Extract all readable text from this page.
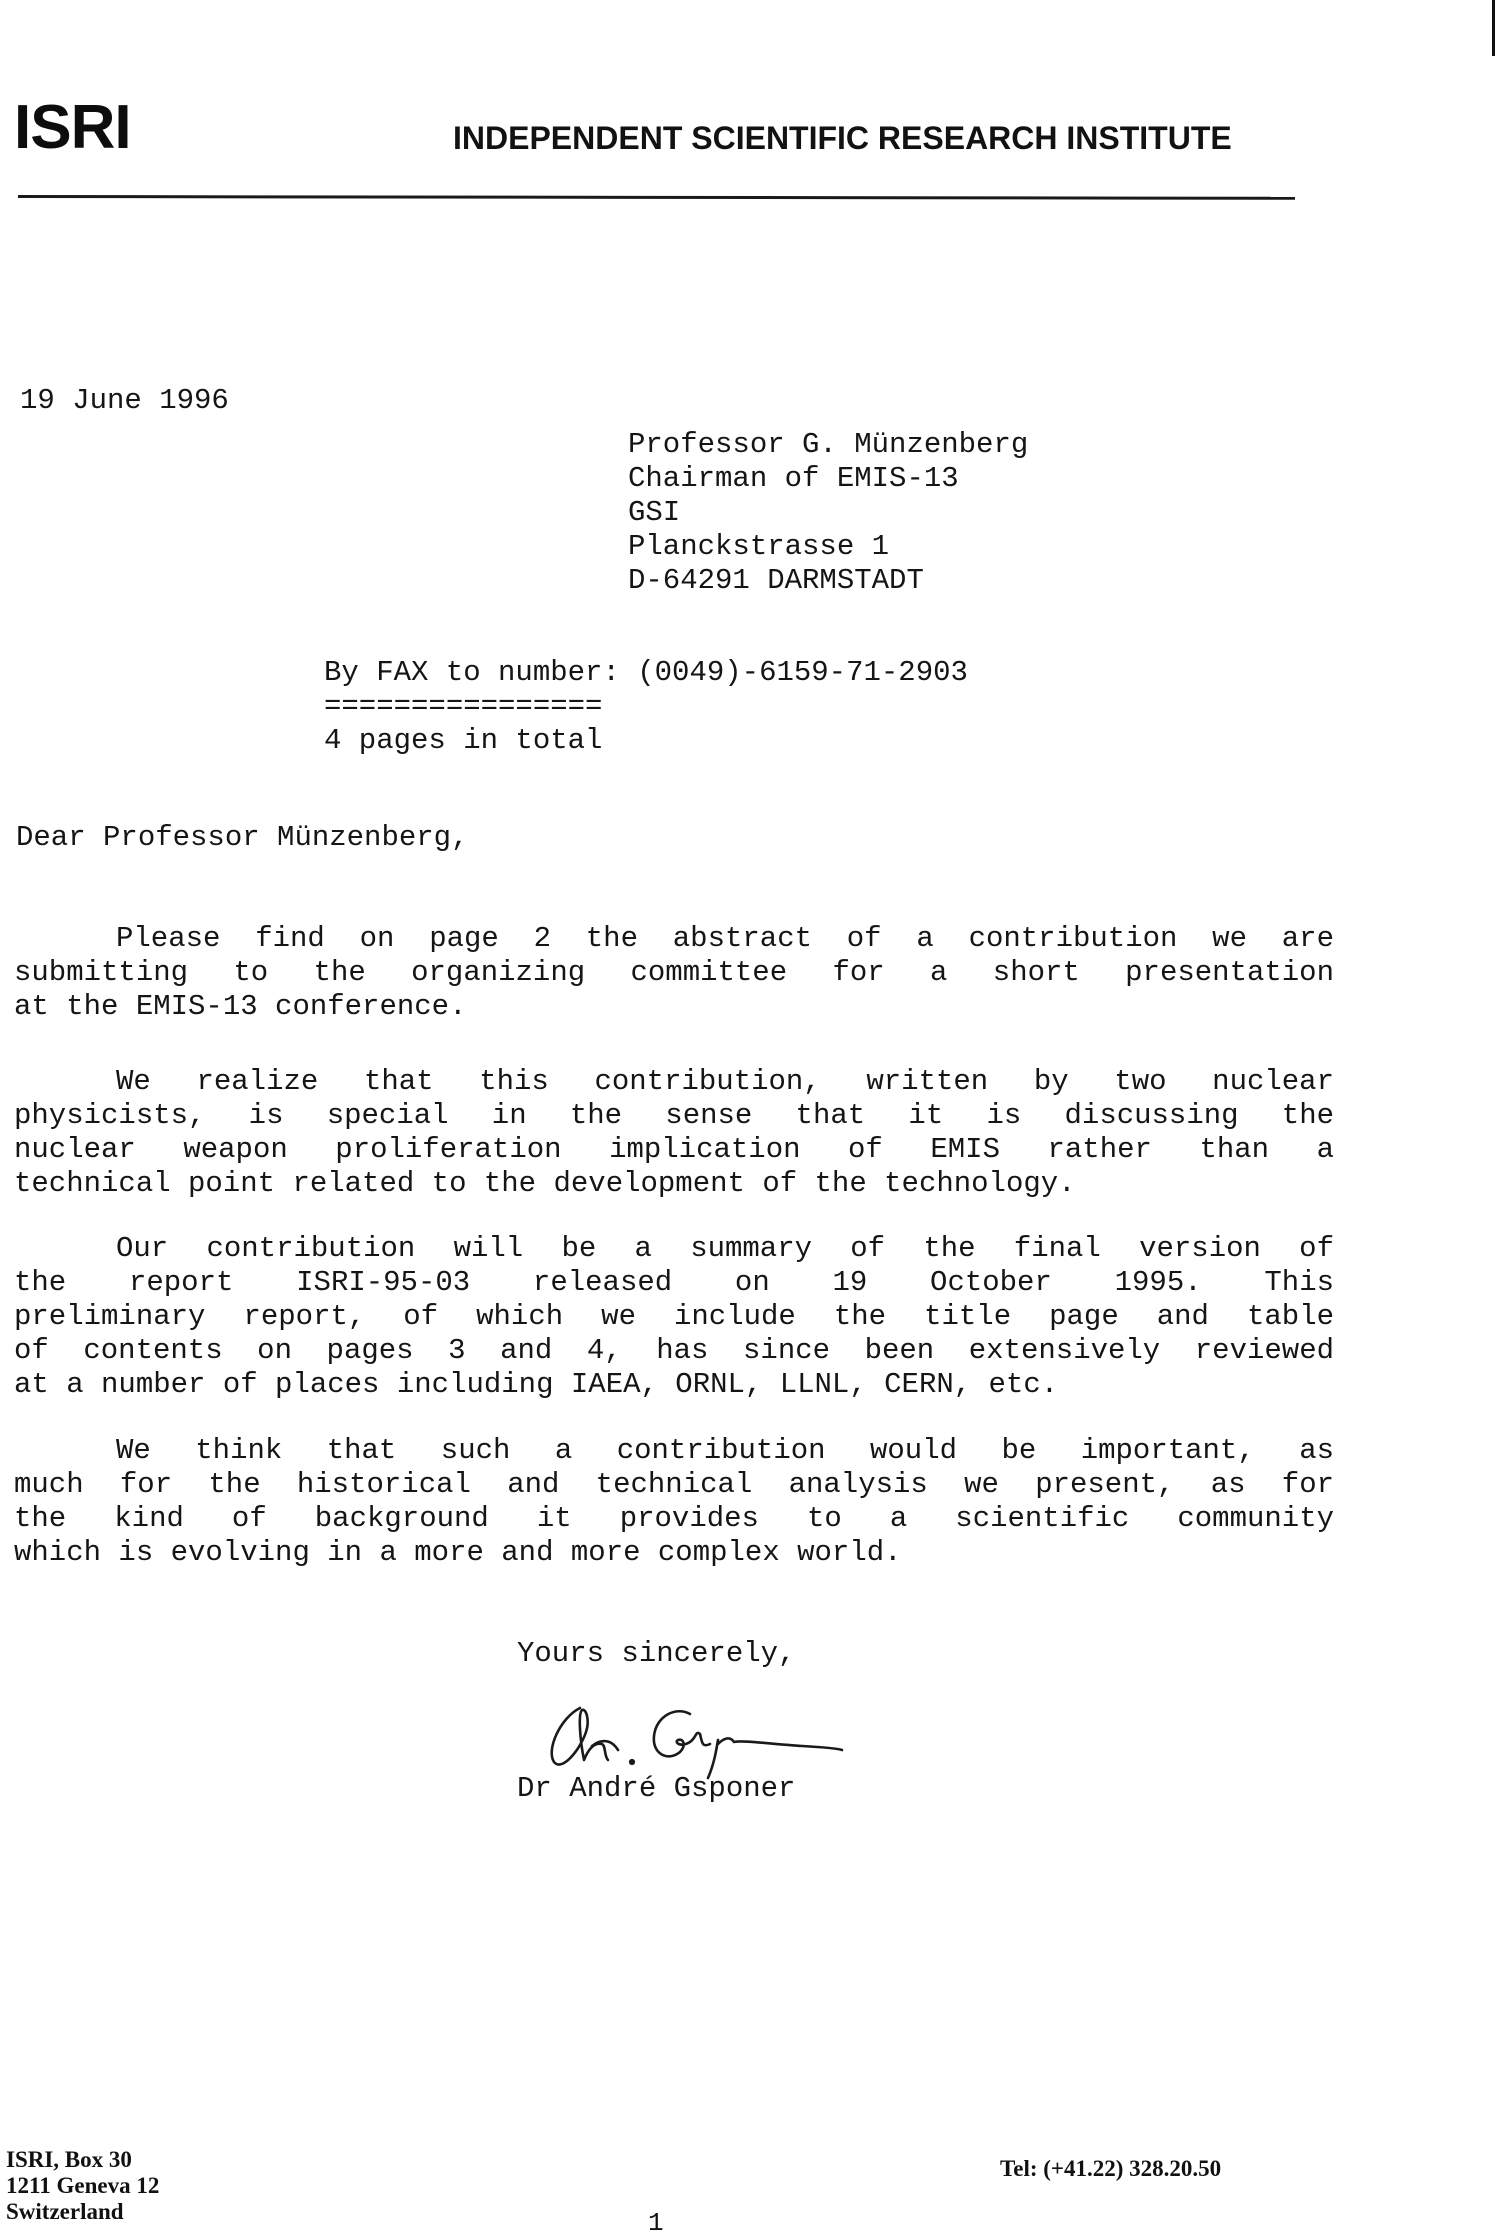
ISRI	INDEPENDENT SCIENTIFIC RESEARCH INSTITUTE
19 June 1996
Professor G. Münzenberg
Chairman of EMIS-13
GSI
Planckstrasse 1
D-64291 DARMSTADT
By FAX to number: (0049)-6159-71-2903
================
4 pages in total
Dear Professor Münzenberg,
Please find on page 2 the abstract of a contribution we are
submitting to the organizing committee for a short presentation
at the EMIS-13 conference.
We realize that this contribution, written by two nuclear
physicists, is special in the sense that it is discussing the
nuclear weapon proliferation implication of EMIS rather than a
technical point related to the development of the technology.
Our contribution will be a summary of the final version of
the report ISRI-95-03 released on 19 October 1995. This
preliminary report, of which we include the title page and table
of contents on pages 3 and 4, has since been extensively reviewed
at a number of places including IAEA, ORNL, LLNL, CERN, etc.
We think that such a contribution would be important, as
much for the historical and technical analysis we present, as for
the kind of background it provides to a scientific community
which is evolving in a more and more complex world.
Yours sincerely,
Dr André Gsponer
ISRI, Box 30
1211 Geneva 12
Switzerland
Tel: (+41.22) 328.20.50
1
